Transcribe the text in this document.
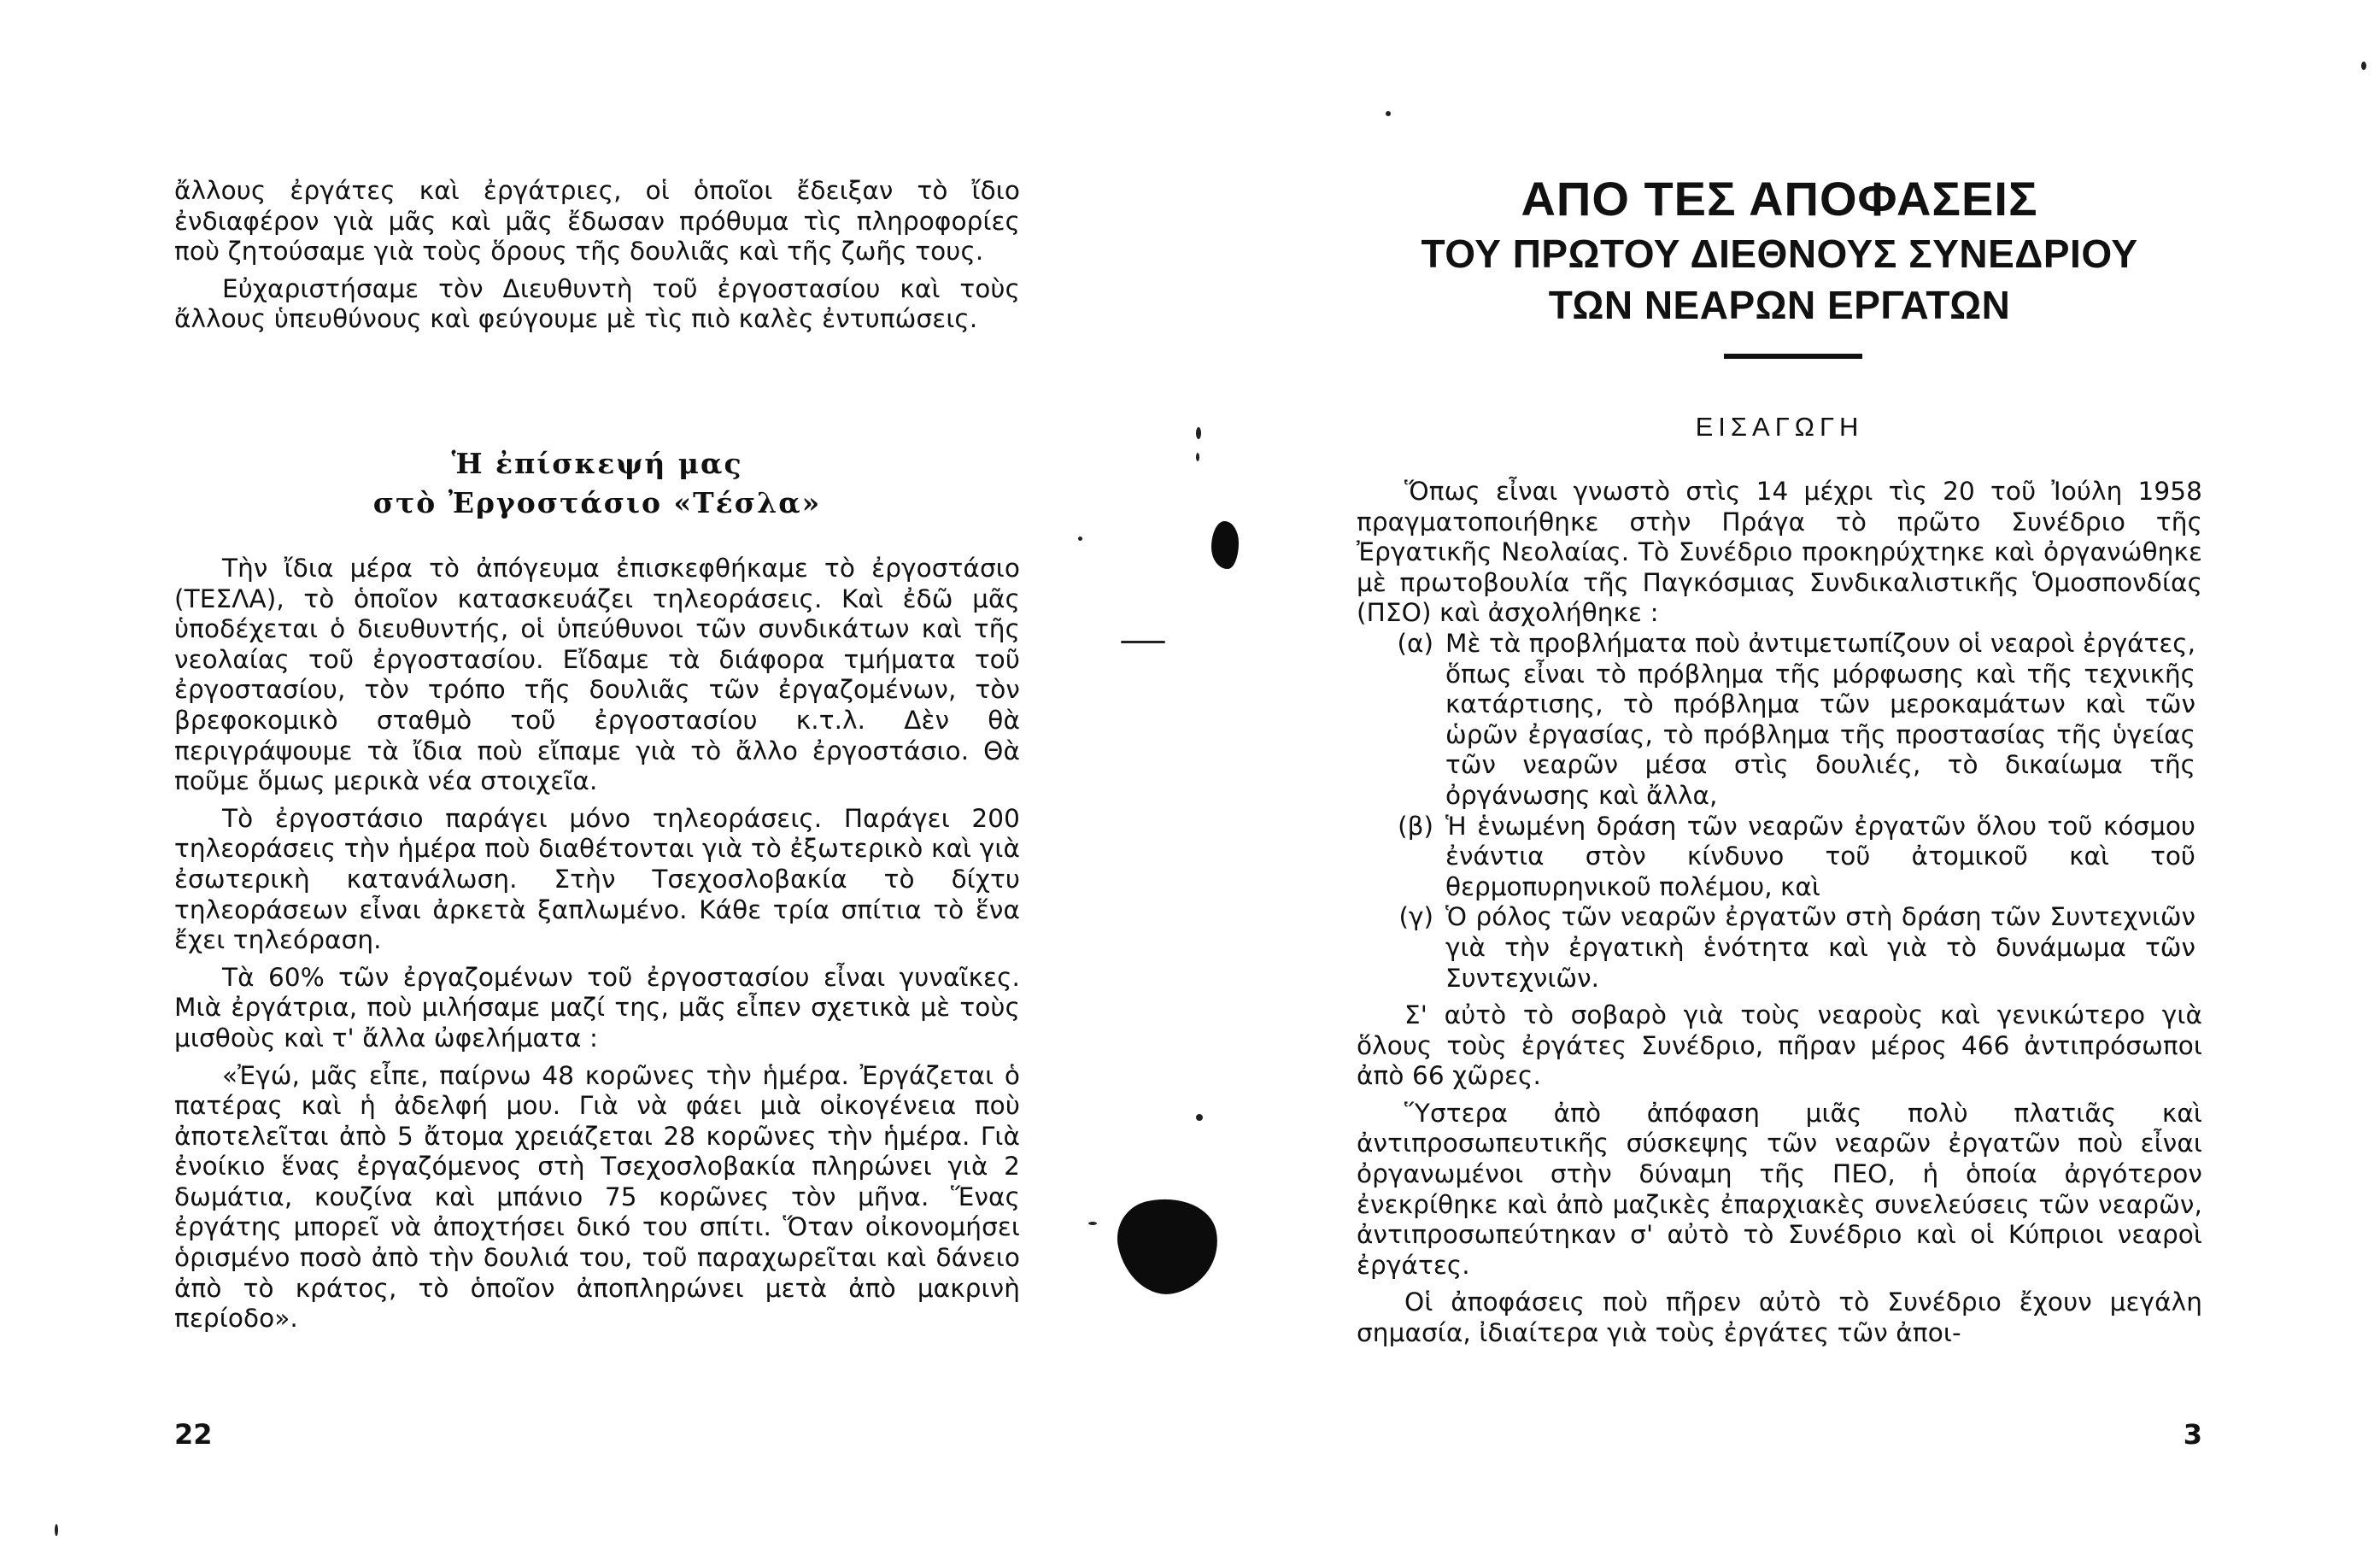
ἄλλους ἐργάτες καὶ ἐργάτριες, οἱ ὁποῖοι ἔδειξαν τὸ ἴδιο ἐνδιαφέρον γιὰ μᾶς καὶ μᾶς ἔδωσαν πρόθυμα τὶς πληροφορίες ποὺ ζητούσαμε γιὰ τοὺς ὅρους τῆς δουλιᾶς καὶ τῆς ζωῆς τους.

Εὐχαριστήσαμε τὸν Διευθυντὴ τοῦ ἐργοστασίου καὶ τοὺς ἄλλους ὑπευθύνους καὶ φεύγουμε μὲ τὶς πιὸ καλὲς ἐντυπώσεις.

Ἡ ἐπίσκεψή μας
στὸ Ἐργοστάσιο «Τέσλα»

Τὴν ἴδια μέρα τὸ ἀπόγευμα ἐπισκεφθήκαμε τὸ ἐργοστάσιο (ΤΕΣΛΑ), τὸ ὁποῖον κατασκευάζει τηλεοράσεις. Καὶ ἐδῶ μᾶς ὑποδέχεται ὁ διευθυντής, οἱ ὑπεύθυνοι τῶν συνδικάτων καὶ τῆς νεολαίας τοῦ ἐργοστασίου. Εἴδαμε τὰ διάφορα τμήματα τοῦ ἐργοστασίου, τὸν τρόπο τῆς δουλιᾶς τῶν ἐργαζομένων, τὸν βρεφοκομικὸ σταθμὸ τοῦ ἐργοστασίου κ.τ.λ. Δὲν θὰ περιγράψουμε τὰ ἴδια ποὺ εἴπαμε γιὰ τὸ ἄλλο ἐργοστάσιο. Θὰ ποῦμε ὅμως μερικὰ νέα στοιχεῖα.

Τὸ ἐργοστάσιο παράγει μόνο τηλεοράσεις. Παράγει 200 τηλεοράσεις τὴν ἡμέρα ποὺ διαθέτονται γιὰ τὸ ἐξωτερικὸ καὶ γιὰ ἐσωτερικὴ κατανάλωση. Στὴν Τσεχοσλοβακία τὸ δίχτυ τηλεοράσεων εἶναι ἀρκετὰ ξαπλωμένο. Κάθε τρία σπίτια τὸ ἕνα ἔχει τηλεόραση.

Τὰ 60% τῶν ἐργαζομένων τοῦ ἐργοστασίου εἶναι γυναῖκες. Μιὰ ἐργάτρια, ποὺ μιλήσαμε μαζί της, μᾶς εἶπεν σχετικὰ μὲ τοὺς μισθοὺς καὶ τ' ἄλλα ὠφελήματα :

«Ἐγώ, μᾶς εἶπε, παίρνω 48 κορῶνες τὴν ἡμέρα. Ἐργάζεται ὁ πατέρας καὶ ἡ ἀδελφή μου. Γιὰ νὰ φάει μιὰ οἰκογένεια ποὺ ἀποτελεῖται ἀπὸ 5 ἄτομα χρειάζεται 28 κορῶνες τὴν ἡμέρα. Γιὰ ἐνοίκιο ἕνας ἐργαζόμενος στὴ Τσεχοσλοβακία πληρώνει γιὰ 2 δωμάτια, κουζίνα καὶ μπάνιο 75 κορῶνες τὸν μῆνα. Ἕνας ἐργάτης μπορεῖ νὰ ἀποχτήσει δικό του σπίτι. Ὅταν οἰκονομήσει ὁρισμένο ποσὸ ἀπὸ τὴν δουλιά του, τοῦ παραχωρεῖται καὶ δάνειο ἀπὸ τὸ κράτος, τὸ ὁποῖον ἀποπληρώνει μετὰ ἀπὸ μακρινὴ περίοδο».

22
ΑΠΟ ΤΕΣ ΑΠΟΦΑΣΕΙΣ
ΤΟΥ ΠΡΩΤΟΥ ΔΙΕΘΝΟΥΣ ΣΥΝΕΔΡΙΟΥ
ΤΩΝ ΝΕΑΡΩΝ ΕΡΓΑΤΩΝ
ΕΙΣΑΓΩΓΗ

Ὅπως εἶναι γνωστὸ στὶς 14 μέχρι τὶς 20 τοῦ Ἰούλη 1958 πραγματοποιήθηκε στὴν Πράγα τὸ πρῶτο Συνέδριο τῆς Ἐργατικῆς Νεολαίας. Τὸ Συνέδριο προκηρύχτηκε καὶ ὀργανώθηκε μὲ πρωτοβουλία τῆς Παγκόσμιας Συνδικαλιστικῆς Ὁμοσπονδίας (ΠΣΟ) καὶ ἀσχολήθηκε :

(α) Μὲ τὰ προβλήματα ποὺ ἀντιμετωπίζουν οἱ νεαροὶ ἐργάτες, ὅπως εἶναι τὸ πρόβλημα τῆς μόρφωσης καὶ τῆς τεχνικῆς κατάρτισης, τὸ πρόβλημα τῶν μεροκαμάτων καὶ τῶν ὡρῶν ἐργασίας, τὸ πρόβλημα τῆς προστασίας τῆς ὑγείας τῶν νεαρῶν μέσα στὶς δουλιές, τὸ δικαίωμα τῆς ὀργάνωσης καὶ ἄλλα,

(β) Ἡ ἑνωμένη δράση τῶν νεαρῶν ἐργατῶν ὅλου τοῦ κόσμου ἐνάντια στὸν κίνδυνο τοῦ ἀτομικοῦ καὶ τοῦ θερμοπυρηνικοῦ πολέμου, καὶ

(γ) Ὁ ρόλος τῶν νεαρῶν ἐργατῶν στὴ δράση τῶν Συντεχνιῶν γιὰ τὴν ἐργατικὴ ἑνότητα καὶ γιὰ τὸ δυνάμωμα τῶν Συντεχνιῶν.

Σ' αὐτὸ τὸ σοβαρὸ γιὰ τοὺς νεαροὺς καὶ γενικώτερο γιὰ ὅλους τοὺς ἐργάτες Συνέδριο, πῆραν μέρος 466 ἀντιπρόσωποι ἀπὸ 66 χῶρες.

Ὕστερα ἀπὸ ἀπόφαση μιᾶς πολὺ πλατιᾶς καὶ ἀντιπροσωπευτικῆς σύσκεψης τῶν νεαρῶν ἐργατῶν ποὺ εἶναι ὀργανωμένοι στὴν δύναμη τῆς ΠΕΟ, ἡ ὁποία ἀργότερον ἐνεκρίθηκε καὶ ἀπὸ μαζικὲς ἐπαρχιακὲς συνελεύσεις τῶν νεαρῶν, ἀντιπροσωπεύτηκαν σ' αὐτὸ τὸ Συνέδριο καὶ οἱ Κύπριοι νεαροὶ ἐργάτες.

Οἱ ἀποφάσεις ποὺ πῆρεν αὐτὸ τὸ Συνέδριο ἔχουν μεγάλη σημασία, ἰδιαίτερα γιὰ τοὺς ἐργάτες τῶν ἀποι-

3
